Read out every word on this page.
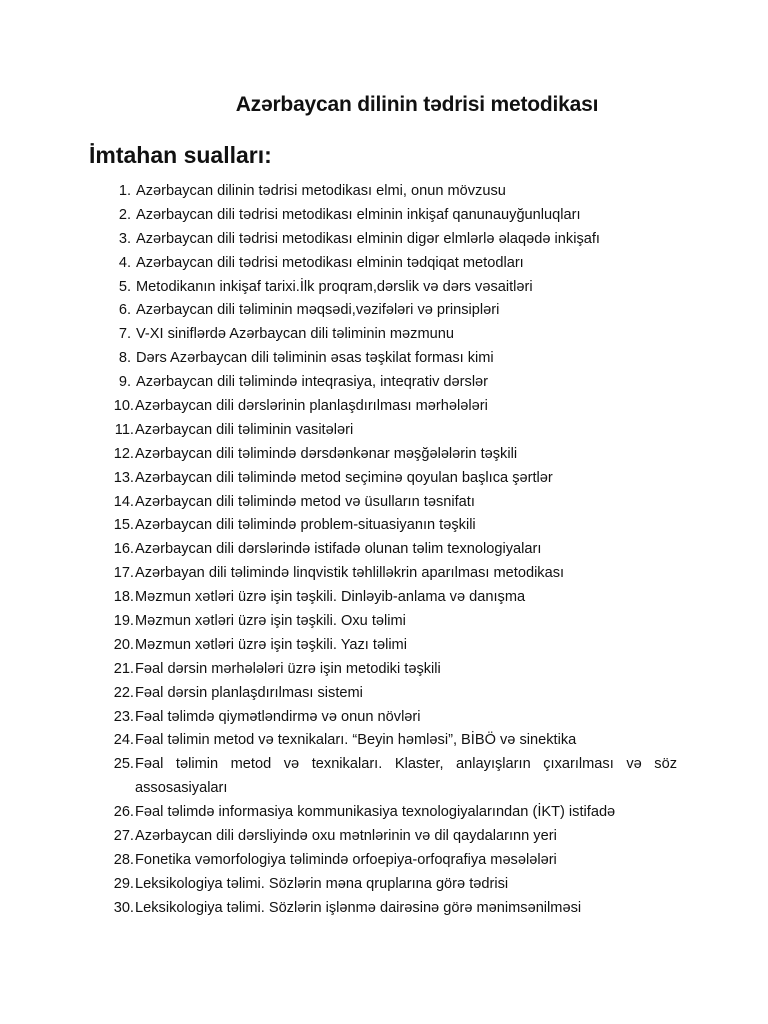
Azərbaycan dilinin tədrisi metodikası
İmtahan sualları:
1. Azərbaycan dilinin tədrisi metodikası elmi, onun mövzusu
2. Azərbaycan dili tədrisi metodikası elminin inkişaf qanunauyğunluqları
3. Azərbaycan dili tədrisi metodikası elminin digər elmlərlə əlaqədə inkişafı
4. Azərbaycan dili tədrisi metodikası elminin tədqiqat metodları
5. Metodikanın inkişaf tarixi.İlk proqram,dərslik və dərs vəsaitləri
6. Azərbaycan dili təliminin məqsədi,vəzifələri və prinsipləri
7. V-XI siniflərdə Azərbaycan dili təliminin məzmunu
8. Dərs Azərbaycan dili təliminin əsas təşkilat forması kimi
9. Azərbaycan dili təlimində inteqrasiya, inteqrativ dərslər
10. Azərbaycan dili dərslərinin planlaşdırılması mərhələləri
11. Azərbaycan dili təliminin vasitələri
12. Azərbaycan dili təlimində dərsdənkənar məşğələlərin təşkili
13. Azərbaycan dili təlimində metod seçiminə qoyulan başlıca şərtlər
14. Azərbaycan dili təlimində metod və üsulların təsnifatı
15. Azərbaycan dili təlimində problem-situasiyanın təşkili
16. Azərbaycan dili dərslərində istifadə olunan təlim texnologiyaları
17. Azərbayan dili təlimində linqvistik təhlilləkrin aparılması metodikası
18. Məzmun xətləri üzrə işin təşkili. Dinləyib-anlama və danışma
19. Məzmun xətləri üzrə işin təşkili. Oxu təlimi
20. Məzmun xətləri üzrə işin təşkili. Yazı təlimi
21. Fəal dərsin mərhələləri üzrə işin metodiki təşkili
22. Fəal dərsin planlaşdırılması sistemi
23. Fəal təlimdə qiymətləndirmə və onun növləri
24. Fəal təlimin metod və texnikaları. “Beyin həmləsi”, BİBÖ və sinektika
25. Fəal təlimin metod və texnikaları. Klaster, anlayışların çıxarılması və söz assosasiyaları
26. Fəal təlimdə informasiya kommunikasiya texnologiyalarından (İKT) istifadə
27. Azərbaycan dili dərsliyində oxu mətnlərinin və dil qaydalarınn yeri
28. Fonetika vəmorfologiya təlimində orfoepiya-orfoqrafiya məsələləri
29. Leksikologiya təlimi. Sözlərin məna qruplarına görə tədrisi
30. Leksikologiya təlimi. Sözlərin işlənmə dairəsinə görə mənimsənilməsi
